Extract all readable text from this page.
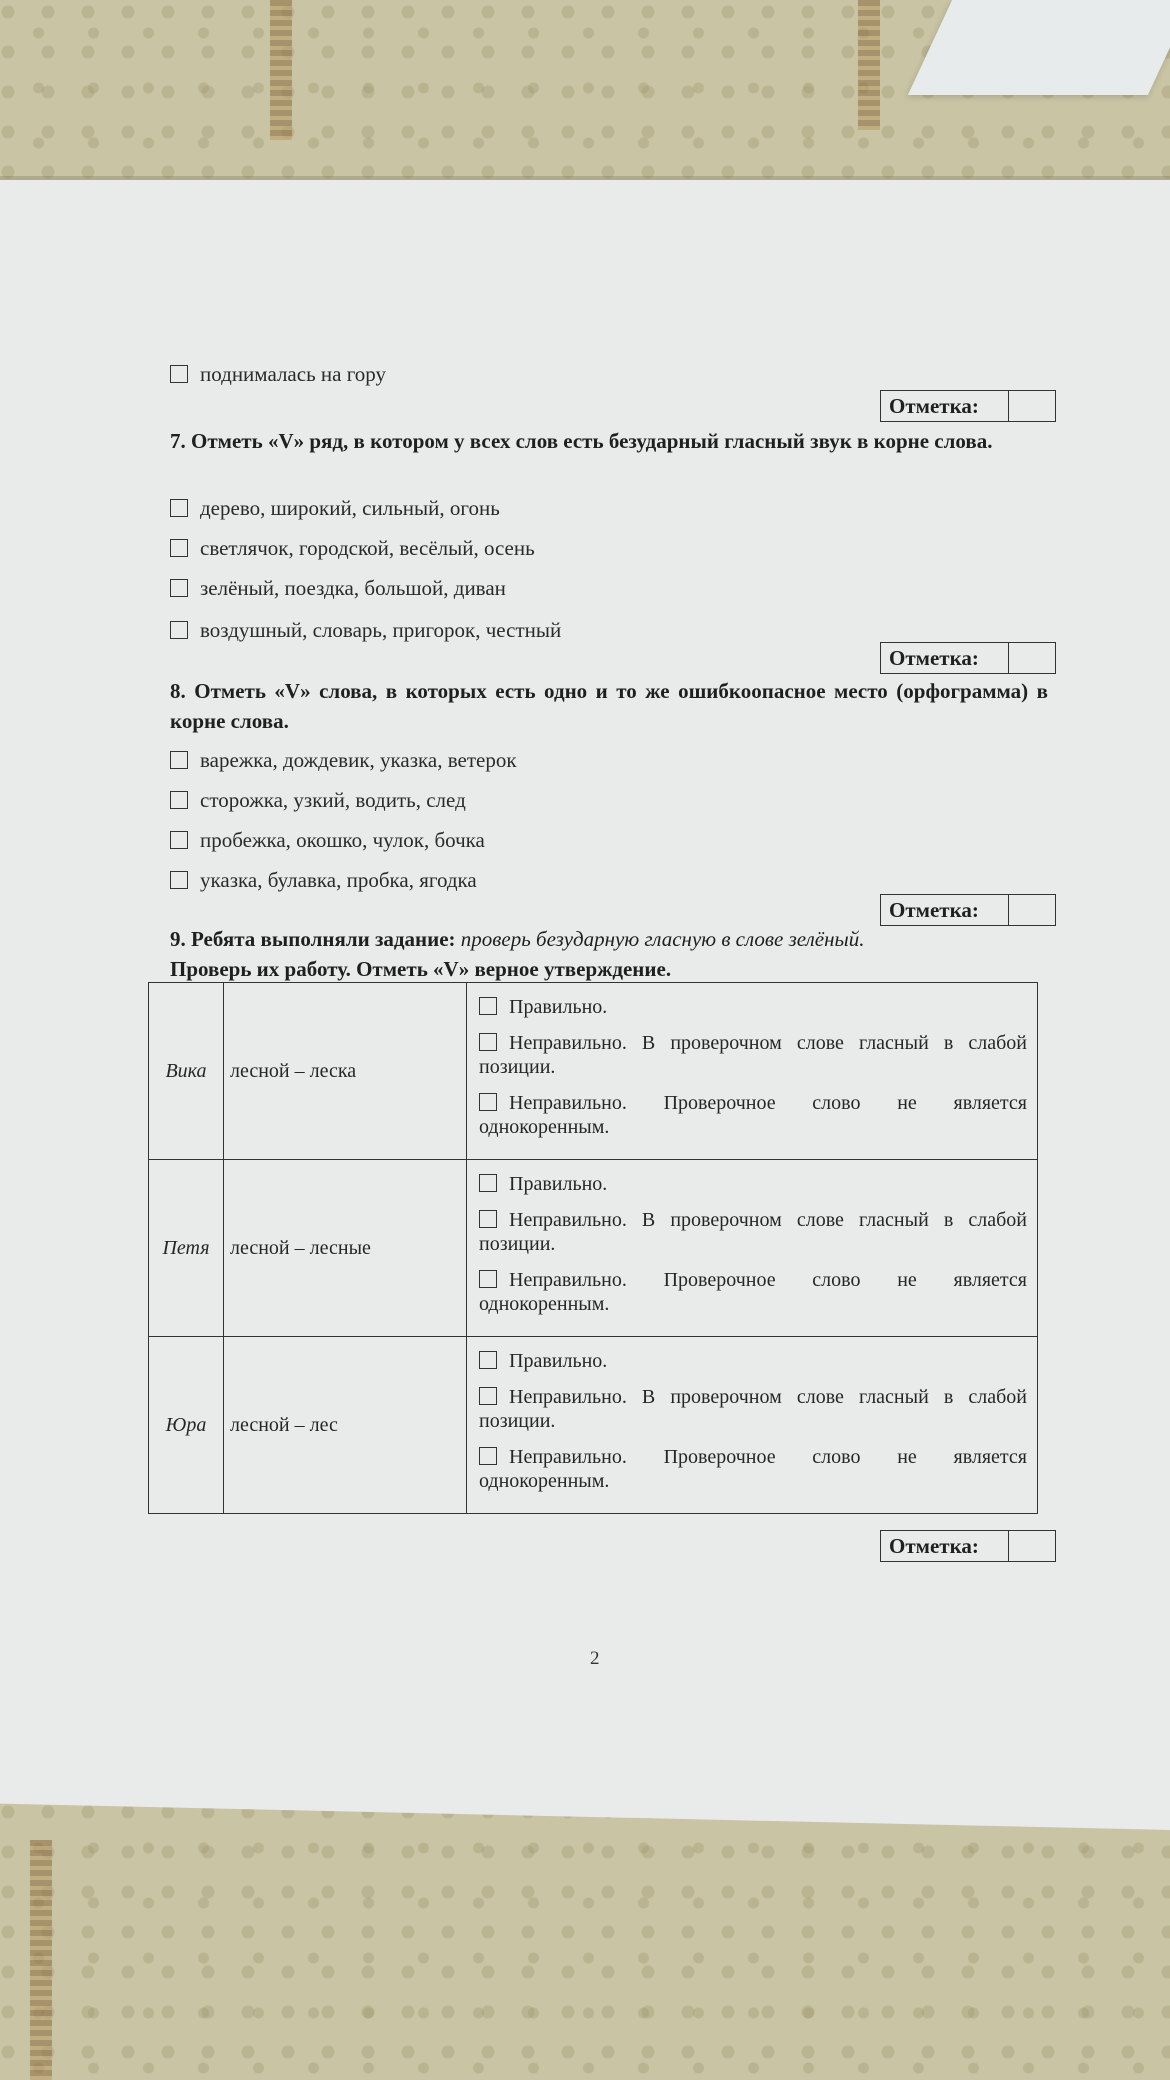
поднималась на гору
Отметка:
7. Отметь «V» ряд, в котором у всех слов есть безударный гласный звук в корне слова.
дерево, широкий, сильный, огонь
светлячок, городской, весёлый, осень
зелёный, поездка, большой, диван
воздушный, словарь, пригорок, честный
Отметка:
8. Отметь «V» слова, в которых есть одно и то же ошибкоопасное место (орфограмма) в корне слова.
варежка, дождевик, указка, ветерок
сторожка, узкий, водить, след
пробежка, окошко, чулок, бочка
указка, булавка, пробка, ягодка
Отметка:
9. Ребята выполняли задание: проверь безударную гласную в слове зелёный.
Проверь их работу. Отметь «V» верное утверждение.
Вика	лесной – леска	Правильно.
Неправильно. В проверочном слове гласный в слабой позиции.
Неправильно. Проверочное слово не является однокоренным.

Петя	лесной – лесные	Правильно.
Неправильно. В проверочном слове гласный в слабой позиции.
Неправильно. Проверочное слово не является однокоренным.

Юра	лесной – лес	Правильно.
Неправильно. В проверочном слове гласный в слабой позиции.
Неправильно. Проверочное слово не является однокоренным.
Отметка:
2
